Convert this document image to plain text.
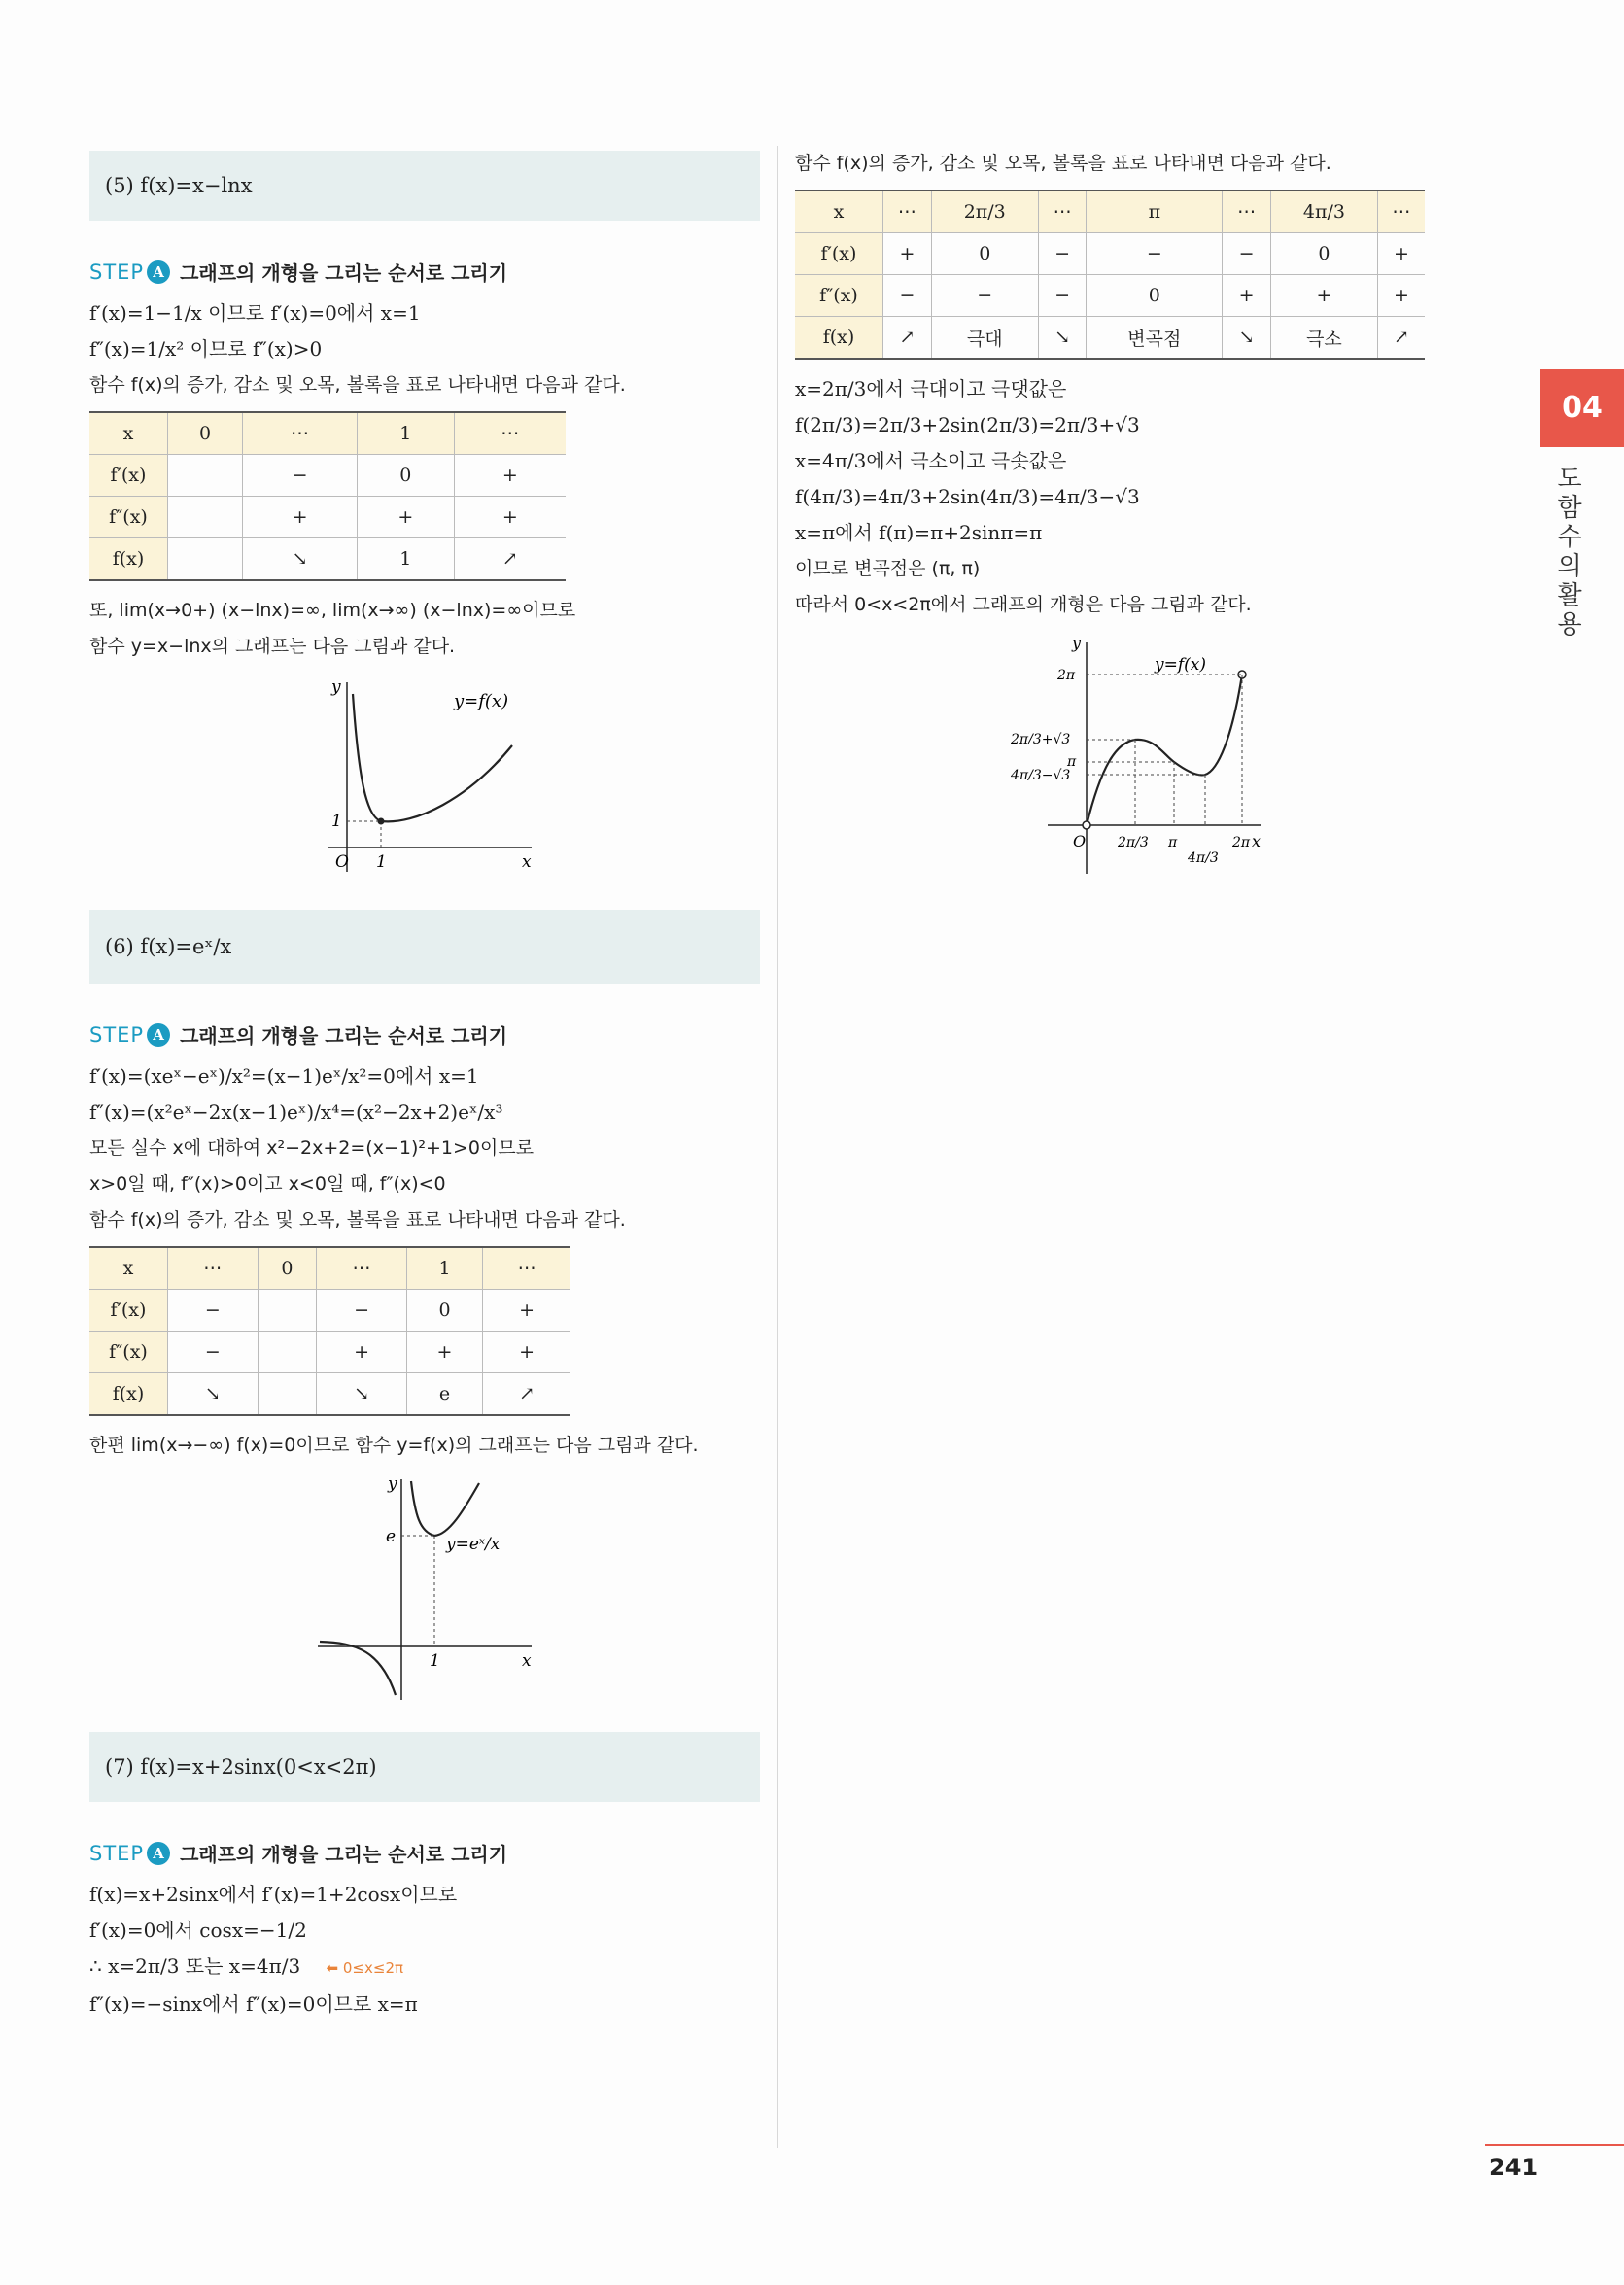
(5) f(x)=x−lnx
STEP A 그래프의 개형을 그리는 순서로 그리기
f′(x)=1−1/x 이므로 f′(x)=0에서 x=1
f″(x)=1/x² 이므로 f″(x)>0
함수 f(x)의 증가, 감소 및 오목, 볼록을 표로 나타내면 다음과 같다.
x	0	⋯	1	⋯
f′(x)		−	0	+
f″(x)		+	+	+
f(x)		↘	1	↗
또, lim(x→0+) (x−lnx)=∞, lim(x→∞) (x−lnx)=∞이므로
함수 y=x−lnx의 그래프는 다음 그림과 같다.
O 1
1
y
x
y=f(x)
(6) f(x)=eˣ/x
STEP A 그래프의 개형을 그리는 순서로 그리기
f′(x)=(xeˣ−eˣ)/x²=(x−1)eˣ/x²=0에서 x=1
f″(x)=(x²eˣ−2x(x−1)eˣ)/x⁴=(x²−2x+2)eˣ/x³
모든 실수 x에 대하여 x²−2x+2=(x−1)²+1>0이므로
x>0일 때, f″(x)>0이고 x<0일 때, f″(x)<0
함수 f(x)의 증가, 감소 및 오목, 볼록을 표로 나타내면 다음과 같다.
x	⋯	0	⋯	1	⋯
f′(x)	−		−	0	+
f″(x)	−		+	+	+
f(x)	↘		↘	e	↗
한편 lim(x→−∞) f(x)=0이므로 함수 y=f(x)의 그래프는 다음 그림과 같다.
e
1
y
x
y=eˣ/x
(7) f(x)=x+2sinx(0<x<2π)
STEP A 그래프의 개형을 그리는 순서로 그리기
f(x)=x+2sinx에서 f′(x)=1+2cosx이므로
f′(x)=0에서 cosx=−1/2
∴ x=2π/3 또는 x=4π/3 ⬅ 0≤x≤2π
f″(x)=−sinx에서 f″(x)=0이므로 x=π
함수 f(x)의 증가, 감소 및 오목, 볼록을 표로 나타내면 다음과 같다.
x	⋯	2π/3	⋯	π	⋯	4π/3	⋯
f′(x)	+	0	−	−	−	0	+
f″(x)	−	−	−	0	+	+	+
f(x)	↗	극대	↘	변곡점	↘	극소	↗
x=2π/3에서 극대이고 극댓값은
f(2π/3)=2π/3+2sin(2π/3)=2π/3+√3
x=4π/3에서 극소이고 극솟값은
f(4π/3)=4π/3+2sin(4π/3)=4π/3−√3
x=π에서 f(π)=π+2sinπ=π
이므로 변곡점은 (π, π)
따라서 0<x<2π에서 그래프의 개형은 다음 그림과 같다.
O
y
x
y=f(x)
2π
2π/3+√3
π
4π/3−√3
2π/3 π
4π/3
2π
04
도함수의 활용
241
